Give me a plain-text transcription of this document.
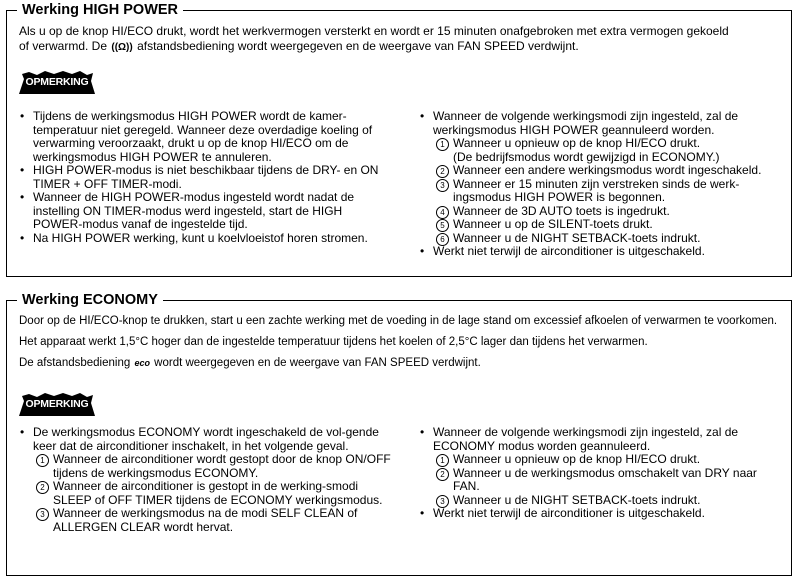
Werking HIGH POWER

Als u op de knop HI/ECO drukt, wordt het werkvermogen versterkt en wordt er 15 minuten onafgebroken met extra vermogen gekoeld

of verwarmd. De ((Ω)) afstandsbediening wordt weergegeven en de weergave van FAN SPEED verdwijnt.

OPMERKING
• Tijdens de werkingsmodus HIGH POWER wordt de kamer-temperatuur niet geregeld. Wanneer deze overdadige koeling of verwarming veroorzaakt, drukt u op de knop HI/ECO om de werkingsmodus HIGH POWER te annuleren.
• HIGH POWER-modus is niet beschikbaar tijdens de DRY- en ON TIMER + OFF TIMER-modi.
• Wanneer de HIGH POWER-modus ingesteld wordt nadat de instelling ON TIMER-modus werd ingesteld, start de HIGH POWER-modus vanaf de ingestelde tijd.
• Na HIGH POWER werking, kunt u koelvloeistof horen stromen.
• Wanneer de volgende werkingsmodi zijn ingesteld, zal de werkingsmodus HIGH POWER geannuleerd worden.
1 Wanneer u opnieuw op de knop HI/ECO drukt.
(De bedrijfsmodus wordt gewijzigd in ECONOMY.)
2 Wanneer een andere werkingsmodus wordt ingeschakeld.
3 Wanneer er 15 minuten zijn verstreken sinds de werk-ingsmodus HIGH POWER is begonnen.
4 Wanneer de 3D AUTO toets is ingedrukt.
5 Wanneer u op de SILENT-toets drukt.
6 Wanneer u de NIGHT SETBACK-toets indrukt.
• Werkt niet terwijl de airconditioner is uitgeschakeld.
Werking ECONOMY

Door op de HI/ECO-knop te drukken, start u een zachte werking met de voeding in de lage stand om excessief afkoelen of verwarmen te voorkomen.

Het apparaat werkt 1,5°C hoger dan de ingestelde temperatuur tijdens het koelen of 2,5°C lager dan tijdens het verwarmen.

De afstandsbediening eco wordt weergegeven en de weergave van FAN SPEED verdwijnt.

OPMERKING
• De werkingsmodus ECONOMY wordt ingeschakeld de vol-gende keer dat de airconditioner inschakelt, in het volgende geval.
1 Wanneer de airconditioner wordt gestopt door de knop ON/OFF tijdens de werkingsmodus ECONOMY.
2 Wanneer de airconditioner is gestopt in de werking-smodi SLEEP of OFF TIMER tijdens de ECONOMY werkingsmodus.
3 Wanneer de werkingsmodus na de modi SELF CLEAN of ALLERGEN CLEAR wordt hervat.
• Wanneer de volgende werkingsmodi zijn ingesteld, zal de ECONOMY modus worden geannuleerd.
1 Wanneer u opnieuw op de knop HI/ECO drukt.
2 Wanneer u de werkingsmodus omschakelt van DRY naar FAN.
3 Wanneer u de NIGHT SETBACK-toets indrukt.
• Werkt niet terwijl de airconditioner is uitgeschakeld.
